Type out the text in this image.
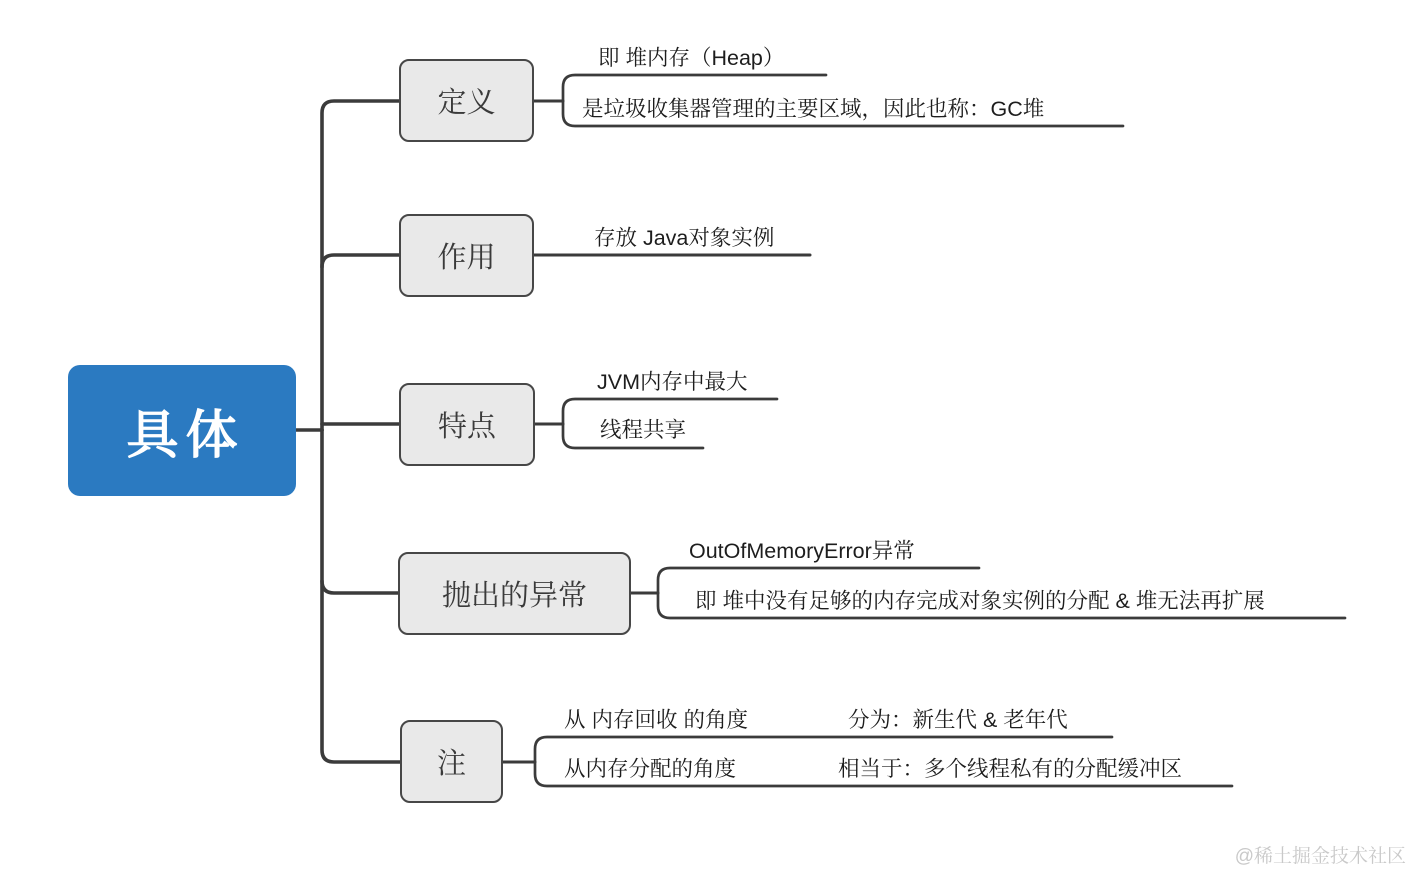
具体
定义
作用
特点
抛出的异常
注
即 堆内存（Heap）
是垃圾收集器管理的主要区域，因此也称：GC堆
存放 Java对象实例
JVM内存中最大
线程共享
OutOfMemoryError异常
即 堆中没有足够的内存完成对象实例的分配 & 堆无法再扩展
从 内存回收 的角度	分为：新生代 & 老年代
从内存分配的角度	相当于：多个线程私有的分配缓冲区
@稀土掘金技术社区
